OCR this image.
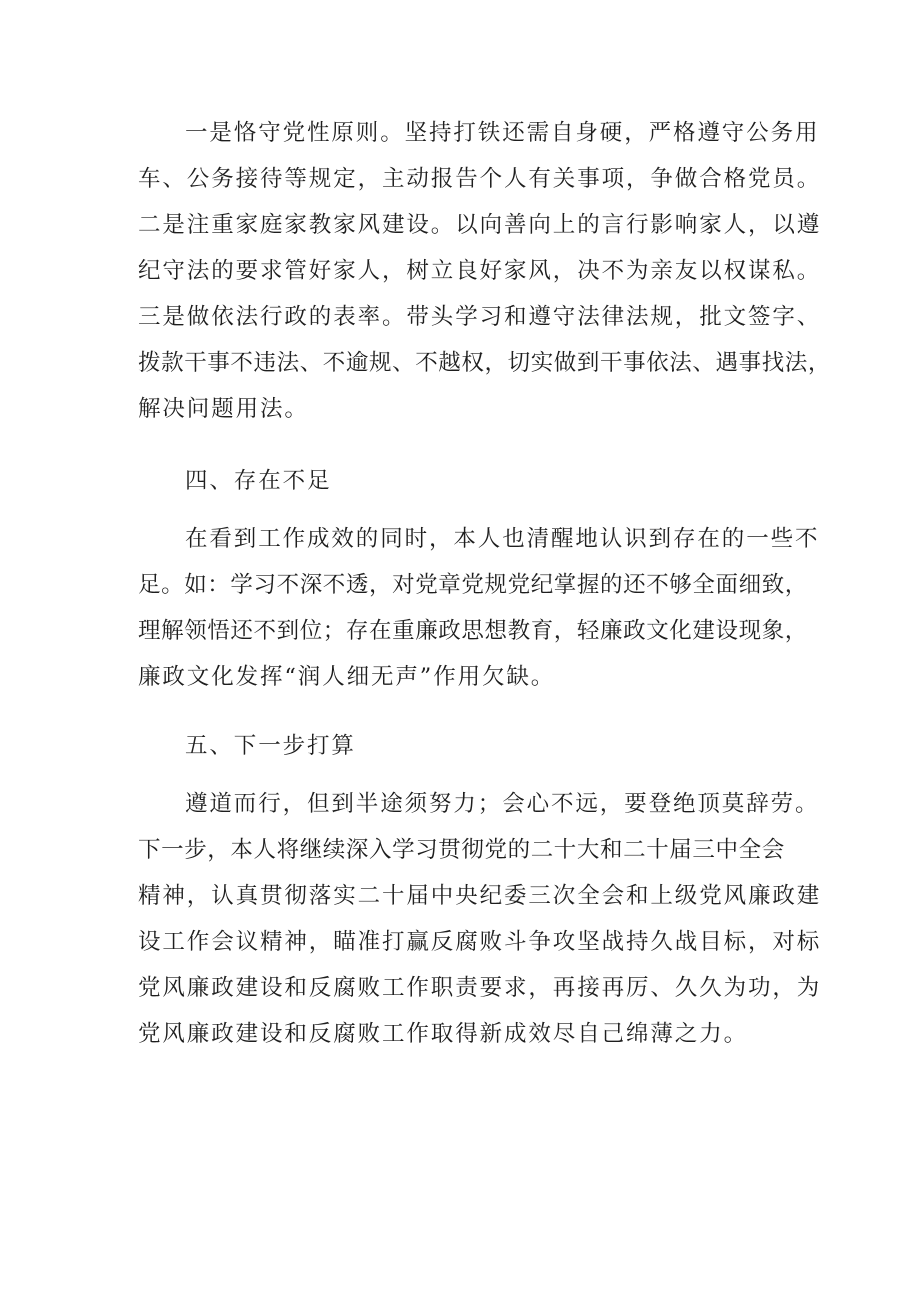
一是恪守党性原则。坚持打铁还需自身硬，严格遵守公务用
车、公务接待等规定，主动报告个人有关事项，争做合格党员。
二是注重家庭家教家风建设。以向善向上的言行影响家人，以遵
纪守法的要求管好家人，树立良好家风，决不为亲友以权谋私。
三是做依法行政的表率。带头学习和遵守法律法规，批文签字、
拨款干事不违法、不逾规、不越权，切实做到干事依法、遇事找法，
解决问题用法。
四、存在不足
在看到工作成效的同时，本人也清醒地认识到存在的一些不
足。如：学习不深不透，对党章党规党纪掌握的还不够全面细致，
理解领悟还不到位；存在重廉政思想教育，轻廉政文化建设现象，
廉政文化发挥“润人细无声”作用欠缺。
五、下一步打算
遵道而行，但到半途须努力；会心不远，要登绝顶莫辞劳。
下一步，本人将继续深入学习贯彻党的二十大和二十届三中全会
精神，认真贯彻落实二十届中央纪委三次全会和上级党风廉政建
设工作会议精神，瞄准打赢反腐败斗争攻坚战持久战目标，对标
党风廉政建设和反腐败工作职责要求，再接再厉、久久为功，为
党风廉政建设和反腐败工作取得新成效尽自己绵薄之力。
